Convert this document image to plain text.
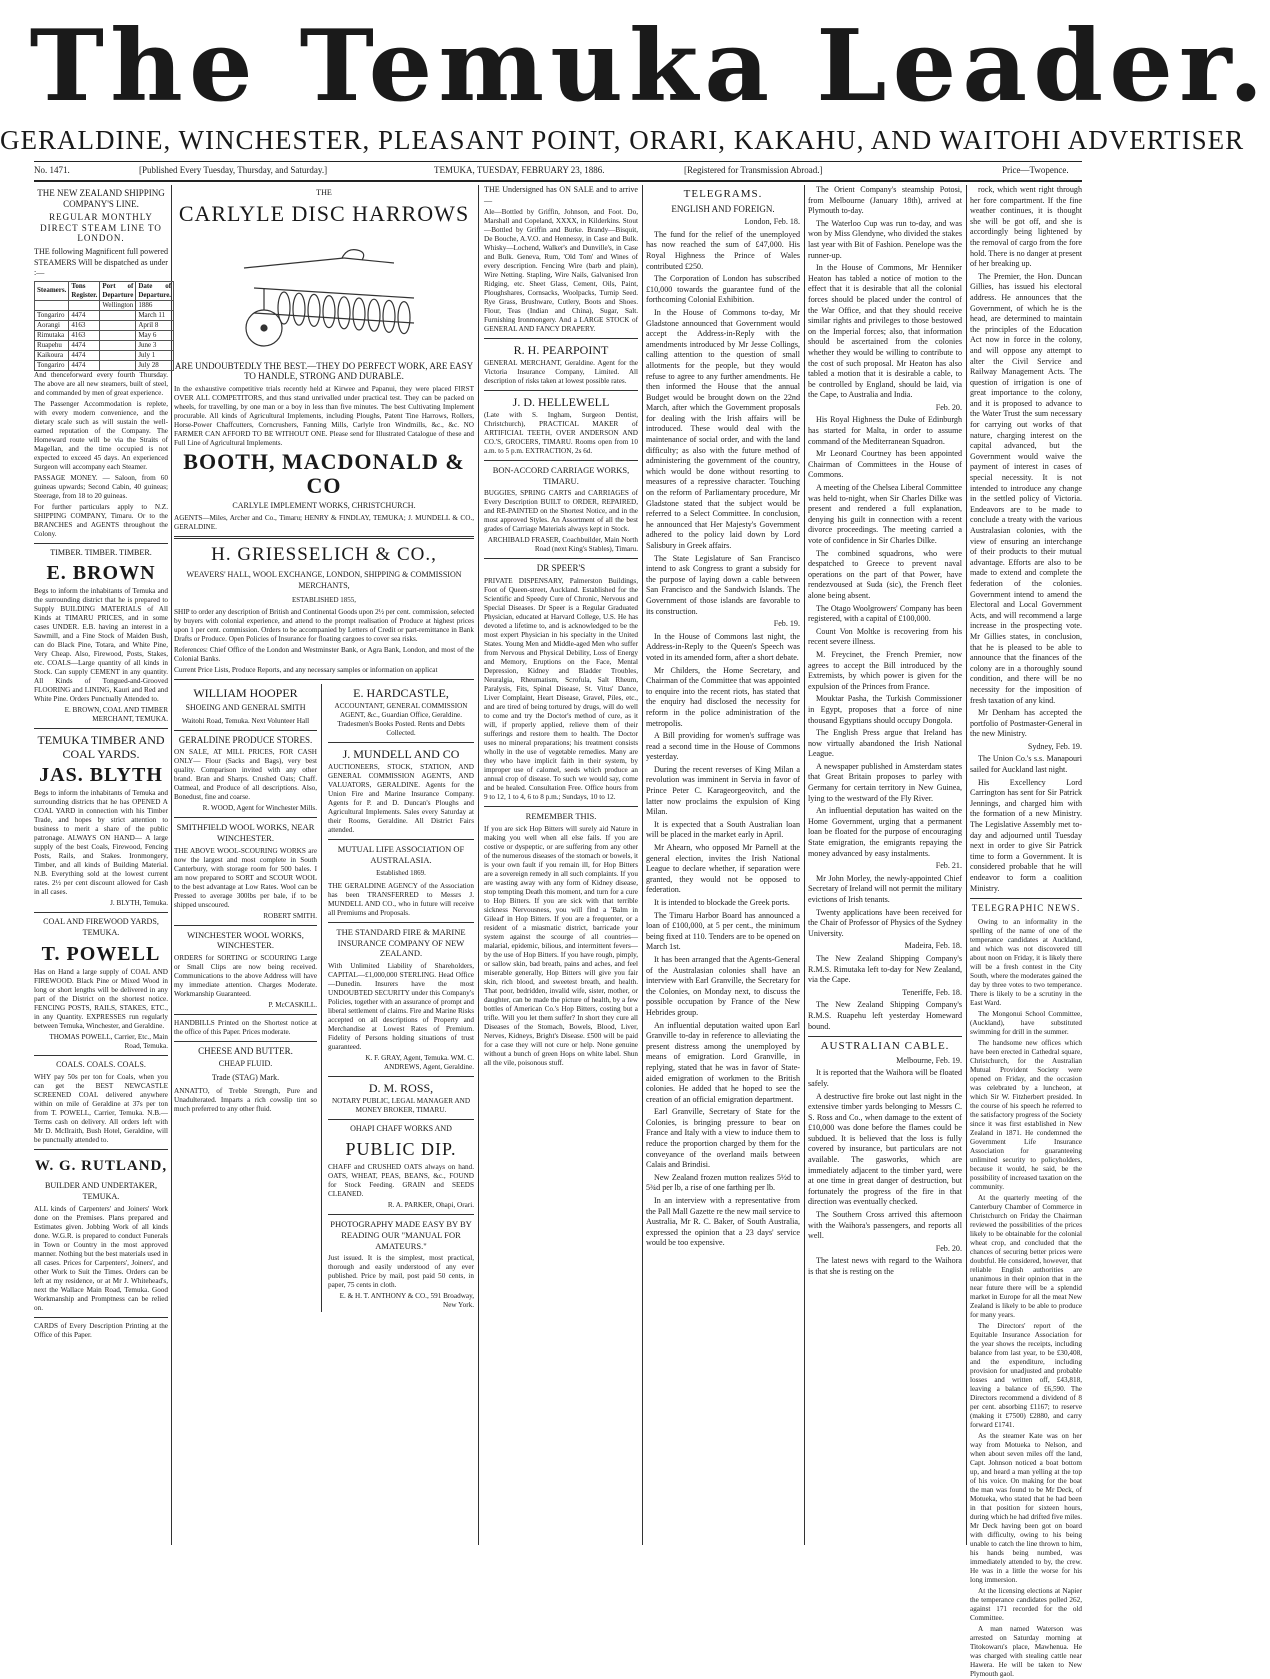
The Temuka Leader.
GERALDINE, WINCHESTER, PLEASANT POINT, ORARI, KAKAHU, AND WAITOHI ADVERTISER
No. 1471.	[Published Every Tuesday, Thursday, and Saturday.]	TEMUKA, TUESDAY, FEBRUARY 23, 1886.	[Registered for Transmission Abroad.]	Price—Twopence.
THE NEW ZEALAND SHIPPING COMPANY'S LINE.
REGULAR MONTHLY DIRECT STEAM LINE TO LONDON.

THE following Magnificent full powered STEAMERS Will be dispatched as under :—

Steamers.	Tons Register.	Port of Departure	Date of Departure.
		Wellington	1886
Tongariro	4474		March 11
Aorangi	4163		April 8
Rimutaka	4163		May 6
Ruapehu	4474		June 3
Kaikoura	4474		July 1
Tongariro	4474		July 28

And thenceforward every fourth Thursday. The above are all new steamers, built of steel, and commanded by men of great experience.

The Passenger Accommodation is replete, with every modern convenience, and the dietary scale such as will sustain the well-earned reputation of the Company. The Homeward route will be via the Straits of Magellan, and the time occupied is not expected to exceed 45 days. An experienced Surgeon will accompany each Steamer.

PASSAGE MONEY. — Saloon, from 60 guineas upwards; Second Cabin, 40 guineas; Steerage, from 18 to 20 guineas.

For further particulars apply to N.Z. SHIPPING COMPANY, Timaru. Or to the BRANCHES and AGENTS throughout the Colony.

TIMBER. TIMBER. TIMBER.
E. BROWN

Begs to inform the inhabitants of Temuka and the surrounding district that he is prepared to Supply BUILDING MATERIALS of All Kinds at TIMARU PRICES, and in some cases UNDER. E.B. having an interest in a Sawmill, and a Fine Stock of Maiden Bush, can do Black Pine, Totara, and White Pine, Very Cheap. Also, Firewood, Posts, Stakes, etc. COALS—Large quantity of all kinds in Stock. Can supply CEMENT in any quantity. All Kinds of Tongued-and-Grooved FLOORING and LINING, Kauri and Red and White Pine. Orders Punctually Attended to.

E. BROWN, COAL AND TIMBER MERCHANT, TEMUKA.

TEMUKA TIMBER AND COAL YARDS.
JAS. BLYTH

Begs to inform the inhabitants of Temuka and surrounding districts that he has OPENED A COAL YARD in connection with his Timber Trade, and hopes by strict attention to business to merit a share of the public patronage. ALWAYS ON HAND— A large supply of the best Coals, Firewood, Fencing Posts, Rails, and Stakes. Ironmongery, Timber, and all kinds of Building Material. N.B. Everything sold at the lowest current rates. 2½ per cent discount allowed for Cash in all cases.

J. BLYTH, Temuka.

COAL AND FIREWOOD YARDS, TEMUKA.
T. POWELL

Has on Hand a large supply of COAL AND FIREWOOD. Black Pine or Mixed Wood in long or short lengths will be delivered in any part of the District on the shortest notice. FENCING POSTS, RAILS, STAKES, ETC., in any Quantity. EXPRESSES run regularly between Temuka, Winchester, and Geraldine.

THOMAS POWELL, Carrier, Etc., Main Road, Temuka.

COALS. COALS. COALS.

WHY pay 50s per ton for Coals, when you can get the BEST NEWCASTLE SCREENED COAL delivered anywhere within on mile of Geraldine at 37s per ton from T. POWELL, Carrier, Temuka. N.B.—Terms cash on delivery. All orders left with Mr D. McIlraith, Bush Hotel, Geraldine, will be punctually attended to.

W. G. RUTLAND,
BUILDER AND UNDERTAKER, TEMUKA.

ALL kinds of Carpenters' and Joiners' Work done on the Premises. Plans prepared and Estimates given. Jobbing Work of all kinds done. W.G.R. is prepared to conduct Funerals in Town or Country in the most approved manner. Nothing but the best materials used in all cases. Prices for Carpenters', Joiners', and other Work to Suit the Times. Orders can be left at my residence, or at Mr J. Whitehead's, next the Wallace Main Road, Temuka. Good Workmanship and Promptness can be relied on.

CARDS of Every Description Printing at the Office of this Paper.

THE
CARLYLE DISC HARROWS
ARE UNDOUBTEDLY THE BEST.—THEY DO PERFECT WORK, ARE EASY TO HANDLE, STRONG AND DURABLE.

In the exhaustive competitive trials recently held at Kirwee and Papanui, they were placed FIRST OVER ALL COMPETITORS, and thus stand unrivalled under practical test. They can be packed on wheels, for travelling, by one man or a boy in less than five minutes. The best Cultivating Implement procurable. All kinds of Agricultural Implements, including Ploughs, Patent Tine Harrows, Rollers, Horse-Power Chaffcutters, Corncrushers, Fanning Mills, Carlyle Iron Windmills, &c., &c. NO FARMER CAN AFFORD TO BE WITHOUT ONE. Please send for Illustrated Catalogue of these and Full Line of Agricultural Implements.

BOOTH, MACDONALD & CO
CARLYLE IMPLEMENT WORKS, CHRISTCHURCH.

AGENTS—Miles, Archer and Co., Timaru; HENRY & FINDLAY, TEMUKA; J. MUNDELL & CO., GERALDINE.

H. GRIESSELICH & CO.,
WEAVERS' HALL, WOOL EXCHANGE, LONDON, SHIPPING & COMMISSION MERCHANTS,
ESTABLISHED 1855,

SHIP to order any description of British and Continental Goods upon 2½ per cent. commission, selected by buyers with colonial experience, and attend to the prompt realisation of Produce at highest prices upon 1 per cent. commission. Orders to be accompanied by Letters of Credit or part-remittance in Bank Drafts or Produce. Open Policies of Insurance for floating cargoes to cover sea risks.

References: Chief Office of the London and Westminster Bank, or Agra Bank, London, and most of the Colonial Banks.

Current Price Lists, Produce Reports, and any necessary samples or information on applicat

WILLIAM HOOPER
SHOEING AND GENERAL SMITH

Waitohi Road, Temuka. Next Volunteer Hall

GERALDINE PRODUCE STORES.

ON SALE, AT MILL PRICES, FOR CASH ONLY— Flour (Sacks and Bags), very best quality. Comparison invited with any other brand. Bran and Sharps. Crushed Oats; Chaff. Oatmeal, and Produce of all descriptions. Also, Bonedust, fine and coarse.

R. WOOD, Agent for Winchester Mills.

SMITHFIELD WOOL WORKS, NEAR WINCHESTER.

THE ABOVE WOOL-SCOURING WORKS are now the largest and most complete in South Canterbury, with storage room for 500 bales. I am now prepared to SORT and SCOUR WOOL to the best advantage at Low Rates. Wool can be Pressed to average 300lbs per bale, if to be shipped unscoured.

ROBERT SMITH.

WINCHESTER WOOL WORKS, WINCHESTER.

ORDERS for SORTING or SCOURING Large or Small Clips are now being received. Communications to the above Address will have my immediate attention. Charges Moderate. Workmanship Guaranteed.

P. McCASKILL.

HANDBILLS Printed on the Shortest notice at the office of this Paper. Prices moderate.

CHEESE AND BUTTER.
CHEAP FLUID.
Trade (STAG) Mark.

ANNATTO, of Treble Strength, Pure and Unadulterated. Imparts a rich cowslip tint so much preferred to any other fluid.

E. HARDCASTLE,

ACCOUNTANT, GENERAL COMMISSION AGENT, &c., Guardian Office, Geraldine. Tradesmen's Books Posted. Rents and Debts Collected.

J. MUNDELL AND CO

AUCTIONEERS, STOCK, STATION, AND GENERAL COMMISSION AGENTS, AND VALUATORS, GERALDINE. Agents for the Union Fire and Marine Insurance Company. Agents for P. and D. Duncan's Ploughs and Agricultural Implements. Sales every Saturday at their Rooms, Geraldine. All District Fairs attended.

MUTUAL LIFE ASSOCIATION OF AUSTRALASIA.
Established 1869.

THE GERALDINE AGENCY of the Association has been TRANSFERRED to Messrs J. MUNDELL AND CO., who in future will receive all Premiums and Proposals.

THE STANDARD FIRE & MARINE INSURANCE COMPANY OF NEW ZEALAND.

With Unlimited Liability of Shareholders, CAPITAL—£1,000,000 STERLING. Head Office—Dunedin. Insurers have the most UNDOUBTED SECURITY under this Company's Policies, together with an assurance of prompt and liberal settlement of claims. Fire and Marine Risks accepted on all descriptions of Property and Merchandise at Lowest Rates of Premium. Fidelity of Persons holding situations of trust guaranteed.

K. F. GRAY, Agent, Temuka. WM. C. ANDREWS, Agent, Geraldine.

D. M. ROSS,

NOTARY PUBLIC, LEGAL MANAGER AND MONEY BROKER, TIMARU.

OHAPI CHAFF WORKS AND
PUBLIC DIP.

CHAFF and CRUSHED OATS always on hand. OATS, WHEAT, PEAS, BEANS, &c., FOUND for Stock Feeding. GRAIN and SEEDS CLEANED.

R. A. PARKER, Ohapi, Orari.

PHOTOGRAPHY MADE EASY BY BY READING OUR "MANUAL FOR AMATEURS."

Just issued. It is the simplest, most practical, thorough and easily understood of any ever published. Price by mail, post paid 50 cents, in paper, 75 cents in cloth.

E. & H. T. ANTHONY & CO., 591 Broadway, New York.

THE Undersigned has ON SALE and to arrive—

Ale—Bottled by Griffin, Johnson, and Foot. Do, Marshall and Copeland, XXXX, in Kilderkins. Stout—Bottled by Griffin and Burke. Brandy—Bisquit, De Bouche, A.V.O. and Hennessy, in Case and Bulk. Whisky—Lochend, Walker's and Dunville's, in Case and Bulk. Geneva, Rum, 'Old Tom' and Wines of every description. Fencing Wire (barb and plain), Wire Netting. Stapling, Wire Nails, Galvanised Iron Ridging, etc. Sheet Glass, Cement, Oils, Paint, Ploughshares, Cornsacks, Woolpacks, Turnip Seed. Rye Grass, Brushware, Cutlery, Boots and Shoes. Flour, Teas (Indian and China), Sugar, Salt. Furnishing Ironmongery. And a LARGE STOCK of GENERAL AND FANCY DRAPERY.

R. H. PEARPOINT

GENERAL MERCHANT, Geraldine. Agent for the Victoria Insurance Company, Limited. All description of risks taken at lowest possible rates.

J. D. HELLEWELL

(Late with S. Ingham, Surgeon Dentist, Christchurch), PRACTICAL MAKER of ARTIFICIAL TEETH, OVER ANDERSON AND CO.'S, GROCERS, TIMARU. Rooms open from 10 a.m. to 5 p.m. EXTRACTION, 2s 6d.

BON-ACCORD CARRIAGE WORKS, TIMARU.

BUGGIES, SPRING CARTS and CARRIAGES of Every Description BUILT to ORDER, REPAIRED, and RE-PAINTED on the Shortest Notice, and in the most approved Styles. An Assortment of all the best grades of Carriage Materials always kept in Stock.

ARCHIBALD FRASER, Coachbuilder, Main North Road (next King's Stables), Timaru.

DR SPEER'S

PRIVATE DISPENSARY, Palmerston Buildings, Foot of Queen-street, Auckland. Established for the Scientific and Speedy Cure of Chronic, Nervous and Special Diseases. Dr Speer is a Regular Graduated Physician, educated at Harvard College, U.S. He has devoted a lifetime to, and is acknowledged to be the most expert Physician in his specialty in the United States. Young Men and Middle-aged Men who suffer from Nervous and Physical Debility, Loss of Energy and Memory, Eruptions on the Face, Mental Depression, Kidney and Bladder Troubles, Neuralgia, Rheumatism, Scrofula, Salt Rheum, Paralysis, Fits, Spinal Disease, St. Vitus' Dance, Liver Complaint, Heart Disease, Gravel, Piles, etc., and are tired of being tortured by drugs, will do well to come and try the Doctor's method of cure, as it will, if properly applied, relieve them of their sufferings and restore them to health. The Doctor uses no mineral preparations; his treatment consists wholly in the use of vegetable remedies. Many are they who have implicit faith in their system, by improper use of calomel, seeds which produce an annual crop of disease. To such we would say, come and be healed. Consultation Free. Office hours from 9 to 12, 1 to 4, 6 to 8 p.m.; Sundays, 10 to 12.

REMEMBER THIS.

If you are sick Hop Bitters will surely aid Nature in making you well when all else fails. If you are costive or dyspeptic, or are suffering from any other of the numerous diseases of the stomach or bowels, it is your own fault if you remain ill, for Hop Bitters are a sovereign remedy in all such complaints. If you are wasting away with any form of Kidney disease, stop tempting Death this moment, and turn for a cure to Hop Bitters. If you are sick with that terrible sickness Nervousness, you will find a 'Balm in Gilead' in Hop Bitters. If you are a frequenter, or a resident of a miasmatic district, barricade your system against the scourge of all countries—malarial, epidemic, bilious, and intermittent fevers—by the use of Hop Bitters. If you have rough, pimply, or sallow skin, bad breath, pains and aches, and feel miserable generally, Hop Bitters will give you fair skin, rich blood, and sweetest breath, and health. That poor, bedridden, invalid wife, sister, mother, or daughter, can be made the picture of health, by a few bottles of American Co.'s Hop Bitters, costing but a trifle. Will you let them suffer? In short they cure all Diseases of the Stomach, Bowels, Blood, Liver, Nerves, Kidneys, Bright's Disease. £500 will be paid for a case they will not cure or help. None genuine without a bunch of green Hops on white label. Shun all the vile, poisonous stuff.

TELEGRAMS.
ENGLISH AND FOREIGN.

London, Feb. 18.

The fund for the relief of the unemployed has now reached the sum of £47,000. His Royal Highness the Prince of Wales contributed £250.

The Corporation of London has subscribed £10,000 towards the guarantee fund of the forthcoming Colonial Exhibition.

In the House of Commons to-day, Mr Gladstone announced that Government would accept the Address-in-Reply with the amendments introduced by Mr Jesse Collings, calling attention to the question of small allotments for the people, but they would refuse to agree to any further amendments. He then informed the House that the annual Budget would be brought down on the 22nd March, after which the Government proposals for dealing with the Irish affairs will be introduced. These would deal with the maintenance of social order, and with the land difficulty; as also with the future method of administering the government of the country, which would be done without resorting to measures of a repressive character. Touching on the reform of Parliamentary procedure, Mr Gladstone stated that the subject would be referred to a Select Committee. In conclusion, he announced that Her Majesty's Government adhered to the policy laid down by Lord Salisbury in Greek affairs.

The State Legislature of San Francisco intend to ask Congress to grant a subsidy for the purpose of laying down a cable between San Francisco and the Sandwich Islands. The Government of those islands are favorable to its construction.

Feb. 19.

In the House of Commons last night, the Address-in-Reply to the Queen's Speech was voted in its amended form, after a short debate.

Mr Childers, the Home Secretary, and Chairman of the Committee that was appointed to enquire into the recent riots, has stated that the enquiry had disclosed the necessity for reform in the police administration of the metropolis.

A Bill providing for women's suffrage was read a second time in the House of Commons yesterday.

During the recent reverses of King Milan a revolution was imminent in Servia in favor of Prince Peter C. Karageorgeovitch, and the latter now proclaims the expulsion of King Milan.

It is expected that a South Australian loan will be placed in the market early in April.

Mr Ahearn, who opposed Mr Parnell at the general election, invites the Irish National League to declare whether, if separation were granted, they would not be opposed to federation.

It is intended to blockade the Greek ports.

The Timaru Harbor Board has announced a loan of £100,000, at 5 per cent., the minimum being fixed at 110. Tenders are to be opened on March 1st.

It has been arranged that the Agents-General of the Australasian colonies shall have an interview with Earl Granville, the Secretary for the Colonies, on Monday next, to discuss the possible occupation by France of the New Hebrides group.

An influential deputation waited upon Earl Granville to-day in reference to alleviating the present distress among the unemployed by means of emigration. Lord Granville, in replying, stated that he was in favor of State-aided emigration of workmen to the British colonies. He added that he hoped to see the creation of an official emigration department.

Earl Granville, Secretary of State for the Colonies, is bringing pressure to bear on France and Italy with a view to induce them to reduce the proportion charged by them for the conveyance of the overland mails between Calais and Brindisi.

New Zealand frozen mutton realizes 5½d to 5¾d per lb, a rise of one farthing per lb.

In an interview with a representative from the Pall Mall Gazette re the new mail service to Australia, Mr R. C. Baker, of South Australia, expressed the opinion that a 23 days' service would be too expensive.

The Orient Company's steamship Potosi, from Melbourne (January 18th), arrived at Plymouth to-day.

The Waterloo Cup was run to-day, and was won by Miss Glendyne, who divided the stakes last year with Bit of Fashion. Penelope was the runner-up.

In the House of Commons, Mr Henniker Heaton has tabled a notice of motion to the effect that it is desirable that all the colonial forces should be placed under the control of the War Office, and that they should receive similar rights and privileges to those bestowed on the Imperial forces; also, that information should be ascertained from the colonies whether they would be willing to contribute to the cost of such proposal. Mr Heaton has also tabled a motion that it is desirable a cable, to be controlled by England, should be laid, via the Cape, to Australia and India.

Feb. 20.

His Royal Highness the Duke of Edinburgh has started for Malta, in order to assume command of the Mediterranean Squadron.

Mr Leonard Courtney has been appointed Chairman of Committees in the House of Commons.

A meeting of the Chelsea Liberal Committee was held to-night, when Sir Charles Dilke was present and rendered a full explanation, denying his guilt in connection with a recent divorce proceedings. The meeting carried a vote of confidence in Sir Charles Dilke.

The combined squadrons, who were despatched to Greece to prevent naval operations on the part of that Power, have rendezvoused at Suda (sic), the French fleet alone being absent.

The Otago Woolgrowers' Company has been registered, with a capital of £100,000.

Count Von Moltke is recovering from his recent severe illness.

M. Freycinet, the French Premier, now agrees to accept the Bill introduced by the Extremists, by which power is given for the expulsion of the Princes from France.

Mouktar Pasha, the Turkish Commissioner in Egypt, proposes that a force of nine thousand Egyptians should occupy Dongola.

The English Press argue that Ireland has now virtually abandoned the Irish National League.

A newspaper published in Amsterdam states that Great Britain proposes to parley with Germany for certain territory in New Guinea, lying to the westward of the Fly River.

An influential deputation has waited on the Home Government, urging that a permanent loan be floated for the purpose of encouraging State emigration, the emigrants repaying the money advanced by easy instalments.

Feb. 21.

Mr John Morley, the newly-appointed Chief Secretary of Ireland will not permit the military evictions of Irish tenants.

Twenty applications have been received for the Chair of Professor of Physics of the Sydney University.

Madeira, Feb. 18.

The New Zealand Shipping Company's R.M.S. Rimutaka left to-day for New Zealand, via the Cape.

Teneriffe, Feb. 18.

The New Zealand Shipping Company's R.M.S. Ruapehu left yesterday Homeward bound.

AUSTRALIAN CABLE.

Melbourne, Feb. 19.

It is reported that the Waihora will be floated safely.

A destructive fire broke out last night in the extensive timber yards belonging to Messrs C. S. Ross and Co., when damage to the extent of £10,000 was done before the flames could be subdued. It is believed that the loss is fully covered by insurance, but particulars are not available. The gasworks, which are immediately adjacent to the timber yard, were at one time in great danger of destruction, but fortunately the progress of the fire in that direction was eventually checked.

The Southern Cross arrived this afternoon with the Waihora's passengers, and reports all well.

Feb. 20.

The latest news with regard to the Waihora is that she is resting on the

rock, which went right through her fore compartment. If the fine weather continues, it is thought she will be got off, and she is accordingly being lightened by the removal of cargo from the fore hold. There is no danger at present of her breaking up.

The Premier, the Hon. Duncan Gillies, has issued his electoral address. He announces that the Government, of which he is the head, are determined to maintain the principles of the Education Act now in force in the colony, and will oppose any attempt to alter the Civil Service and Railway Management Acts. The question of irrigation is one of great importance to the colony, and it is proposed to advance to the Water Trust the sum necessary for carrying out works of that nature, charging interest on the capital advanced, but the Government would waive the payment of interest in cases of special necessity. It is not intended to introduce any change in the settled policy of Victoria. Endeavors are to be made to conclude a treaty with the various Australasian colonies, with the view of ensuring an interchange of their products to their mutual advantage. Efforts are also to be made to extend and complete the federation of the colonies. Government intend to amend the Electoral and Local Government Acts, and will recommend a large increase in the prospecting vote. Mr Gillies states, in conclusion, that he is pleased to be able to announce that the finances of the colony are in a thoroughly sound condition, and there will be no necessity for the imposition of fresh taxation of any kind.

Mr Denham has accepted the portfolio of Postmaster-General in the new Ministry.

Sydney, Feb. 19.

The Union Co.'s s.s. Manapouri sailed for Auckland last night.

His Excellency Lord Carrington has sent for Sir Patrick Jennings, and charged him with the formation of a new Ministry. The Legislative Assembly met to-day and adjourned until Tuesday next in order to give Sir Patrick time to form a Government. It is considered probable that he will endeavor to form a coalition Ministry.

TELEGRAPHIC NEWS.

Owing to an informality in the spelling of the name of one of the temperance candidates at Auckland, and which was not discovered till about noon on Friday, it is likely there will be a fresh contest in the City South, where the moderates gained the day by three votes to two temperance. There is likely to be a scrutiny in the East Ward.

The Mongonui School Committee, (Auckland), have substituted swimming for drill in the summer.

The handsome new offices which have been erected in Cathedral square, Christchurch, for the Australian Mutual Provident Society were opened on Friday, and the occasion was celebrated by a luncheon, at which Sir W. Fitzherbert presided. In the course of his speech he referred to the satisfactory progress of the Society since it was first established in New Zealand in 1871. He condemned the Government Life Insurance Association for guaranteeing unlimited security to policyholders, because it would, he said, be the possibility of increased taxation on the community.

At the quarterly meeting of the Canterbury Chamber of Commerce in Christchurch on Friday the Chairman reviewed the possibilities of the prices likely to be obtainable for the colonial wheat crop, and concluded that the chances of securing better prices were doubtful. He considered, however, that reliable English authorities are unanimous in their opinion that in the near future there will be a splendid market in Europe for all the meat New Zealand is likely to be able to produce for many years.

The Directors' report of the Equitable Insurance Association for the year shows the receipts, including balance from last year, to be £30,408, and the expenditure, including provision for unadjusted and probable losses and written off, £43,818, leaving a balance of £6,590. The Directors recommend a dividend of 8 per cent. absorbing £1167; to reserve (making it £7500) £2880, and carry forward £1741.

As the steamer Kate was on her way from Motueka to Nelson, and when about seven miles off the land, Capt. Johnson noticed a boat bottom up, and heard a man yelling at the top of his voice. On making for the boat the man was found to be Mr Deck, of Motueka, who stated that he had been in that position for sixteen hours, during which he had drifted five miles. Mr Deck having been got on board with difficulty, owing to his being unable to catch the line thrown to him, his hands being numbed, was immediately attended to by, the crew. He was in a little the worse for his long immersion.

At the licensing elections at Napier the temperance candidates polled 262, against 171 recorded for the old Committee.

A man named Waterson was arrested on Saturday morning at Titokowaru's place, Mawhenua. He was charged with stealing cattle near Hawera. He will be taken to New Plymouth gaol.
